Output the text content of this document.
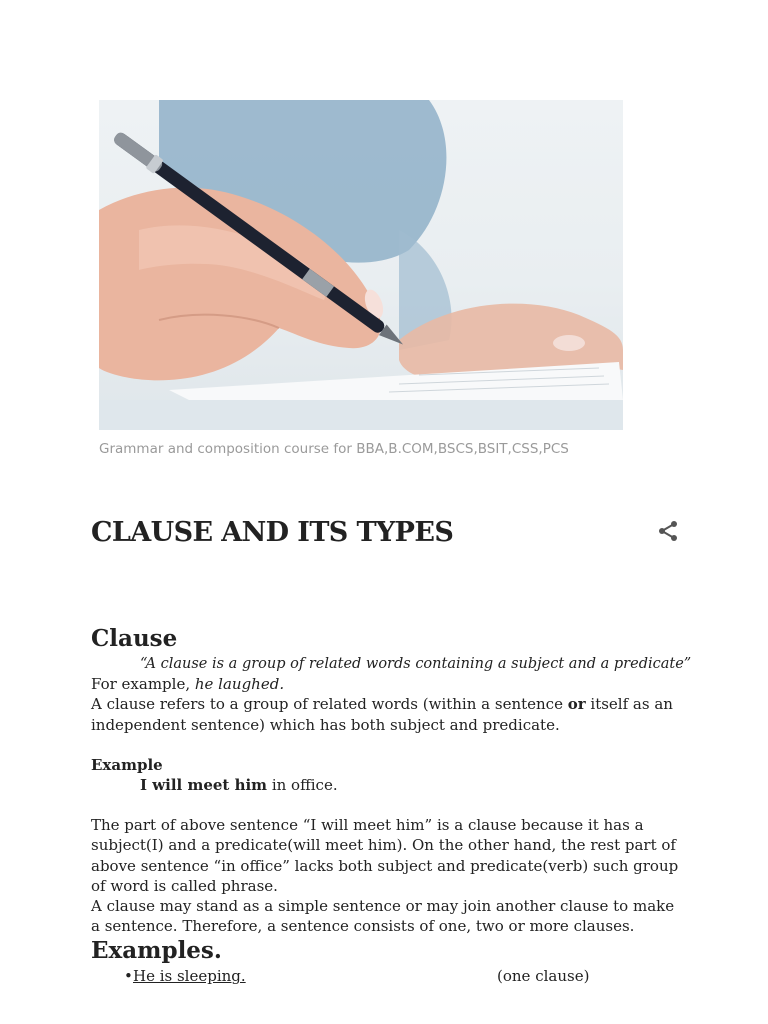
Grammar and composition course for BBA,B.COM,BSCS,BSIT,CSS,PCS
CLAUSE AND ITS TYPES
Clause

“A clause is a group of related words containing a subject and a predicate”

For example, he laughed.

A clause refers to a group of related words (within a sentence or itself as an independent sentence) which has both subject and predicate.

Example

I will meet him in office.

The part of above sentence “I will meet him” is a clause because it has a subject(I) and a predicate(will meet him). On the other hand, the rest part of above sentence “in office” lacks both subject and predicate(verb) such group of word is called phrase.

A clause may stand as a simple sentence or may join another clause to make a sentence. Therefore, a sentence consists of one, two or more clauses.

Examples.
• He is sleeping.	(one clause)
